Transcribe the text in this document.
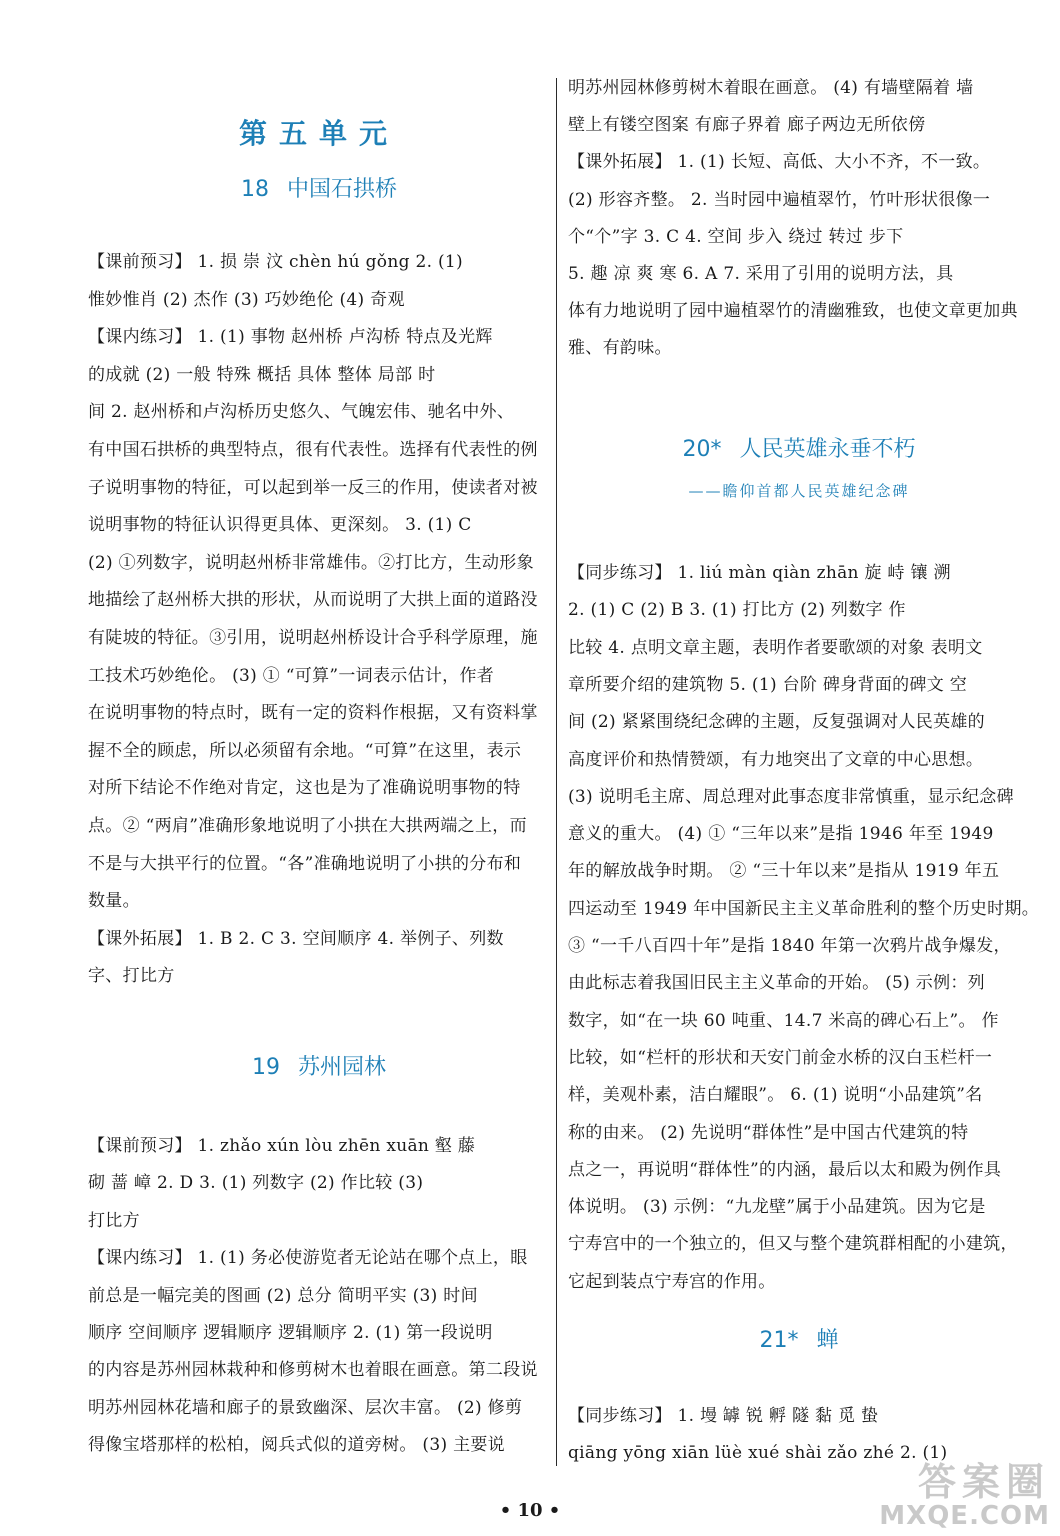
第五单元
18 中国石拱桥
【课前预习】 1. 损 崇 汶 chèn hú gǒng 2. (1)
惟妙惟肖 (2) 杰作 (3) 巧妙绝伦 (4) 奇观
【课内练习】 1. (1) 事物 赵州桥 卢沟桥 特点及光辉
的成就 (2) 一般 特殊 概括 具体 整体 局部 时
间 2. 赵州桥和卢沟桥历史悠久、气魄宏伟、驰名中外、
有中国石拱桥的典型特点，很有代表性。选择有代表性的例
子说明事物的特征，可以起到举一反三的作用，使读者对被
说明事物的特征认识得更具体、更深刻。 3. (1) C
(2) ①列数字，说明赵州桥非常雄伟。②打比方，生动形象
地描绘了赵州桥大拱的形状，从而说明了大拱上面的道路没
有陡坡的特征。③引用，说明赵州桥设计合乎科学原理，施
工技术巧妙绝伦。 (3) ① “可算”一词表示估计，作者
在说明事物的特点时，既有一定的资料作根据，又有资料掌
握不全的顾虑，所以必须留有余地。“可算”在这里，表示
对所下结论不作绝对肯定，这也是为了准确说明事物的特
点。② “两肩”准确形象地说明了小拱在大拱两端之上，而
不是与大拱平行的位置。“各”准确地说明了小拱的分布和
数量。
【课外拓展】 1. B 2. C 3. 空间顺序 4. 举例子、列数
字、打比方
19 苏州园林
【课前预习】 1. zhǎo xún lòu zhēn xuān 壑 藤
砌 蔷 嶂 2. D 3. (1) 列数字 (2) 作比较 (3)
打比方
【课内练习】 1. (1) 务必使游览者无论站在哪个点上，眼
前总是一幅完美的图画 (2) 总分 简明平实 (3) 时间
顺序 空间顺序 逻辑顺序 逻辑顺序 2. (1) 第一段说明
的内容是苏州园林栽种和修剪树木也着眼在画意。第二段说
明苏州园林花墙和廊子的景致幽深、层次丰富。 (2) 修剪
得像宝塔那样的松柏，阅兵式似的道旁树。 (3) 主要说
明苏州园林修剪树木着眼在画意。 (4) 有墙壁隔着 墙
壁上有镂空图案 有廊子界着 廊子两边无所依傍
【课外拓展】 1. (1) 长短、高低、大小不齐，不一致。
(2) 形容齐整。 2. 当时园中遍植翠竹，竹叶形状很像一
个“个”字 3. C 4. 空间 步入 绕过 转过 步下
5. 趣 凉 爽 寒 6. A 7. 采用了引用的说明方法，具
体有力地说明了园中遍植翠竹的清幽雅致，也使文章更加典
雅、有韵味。
20* 人民英雄永垂不朽
——瞻仰首都人民英雄纪念碑
【同步练习】 1. liú màn qiàn zhān 旋 峙 镶 溯
2. (1) C (2) B 3. (1) 打比方 (2) 列数字 作
比较 4. 点明文章主题，表明作者要歌颂的对象 表明文
章所要介绍的建筑物 5. (1) 台阶 碑身背面的碑文 空
间 (2) 紧紧围绕纪念碑的主题，反复强调对人民英雄的
高度评价和热情赞颂，有力地突出了文章的中心思想。
(3) 说明毛主席、周总理对此事态度非常慎重，显示纪念碑
意义的重大。 (4) ① “三年以来”是指 1946 年至 1949
年的解放战争时期。 ② “三十年以来”是指从 1919 年五
四运动至 1949 年中国新民主主义革命胜利的整个历史时期。
③ “一千八百四十年”是指 1840 年第一次鸦片战争爆发，
由此标志着我国旧民主主义革命的开始。 (5) 示例：列
数字，如“在一块 60 吨重、14.7 米高的碑心石上”。 作
比较，如“栏杆的形状和天安门前金水桥的汉白玉栏杆一
样，美观朴素，洁白耀眼”。 6. (1) 说明“小品建筑”名
称的由来。 (2) 先说明“群体性”是中国古代建筑的特
点之一，再说明“群体性”的内涵，最后以太和殿为例作具
体说明。 (3) 示例：“九龙壁”属于小品建筑。因为它是
宁寿宫中的一个独立的，但又与整个建筑群相配的小建筑，
它起到装点宁寿宫的作用。
21* 蝉
【同步练习】 1. 墁 罅 锐 孵 隧 黏 觅 蛰
qiāng yōng xiān lüè xué shài zǎo zhé 2. (1)
• 10 •
答案圈
MXQE.COM
